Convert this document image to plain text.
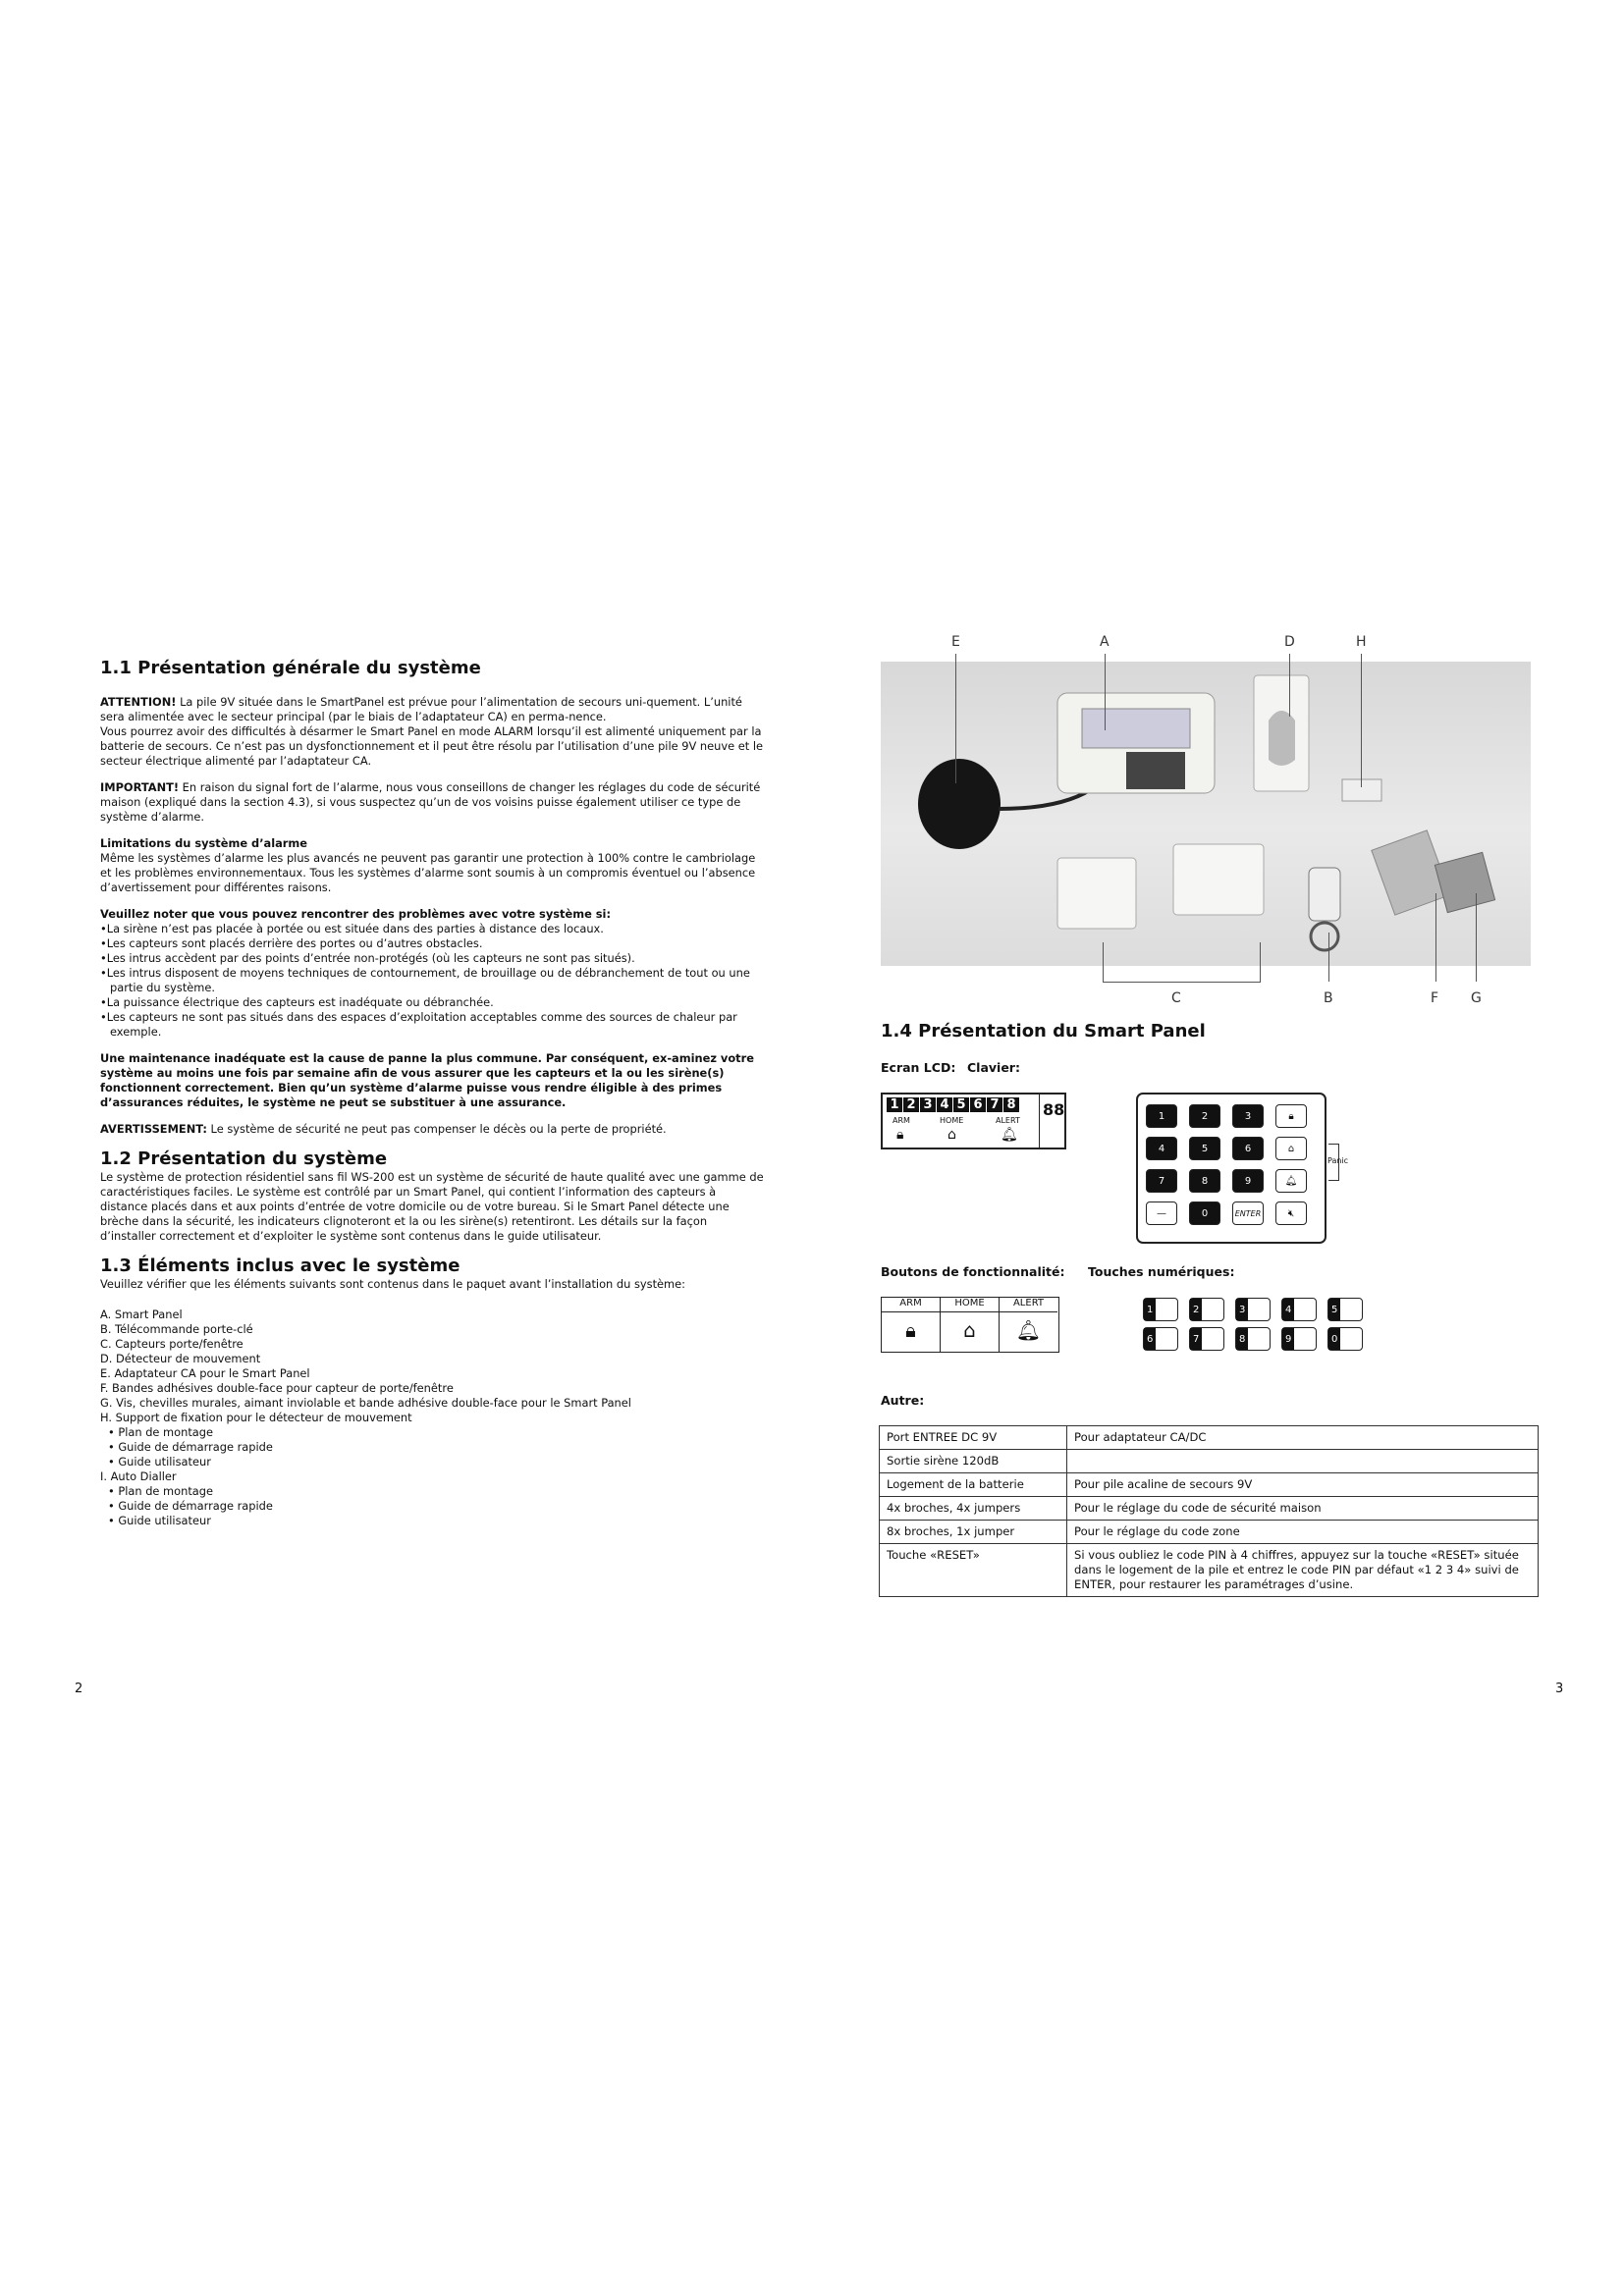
1.1 Présentation générale du système

ATTENTION! La pile 9V située dans le SmartPanel est prévue pour l’alimentation de secours uni-quement. L’unité sera alimentée avec le secteur principal (par le biais de l’adaptateur CA) en perma-nence.

Vous pourrez avoir des difficultés à désarmer le Smart Panel en mode ALARM lorsqu’il est alimenté uniquement par la batterie de secours. Ce n’est pas un dysfonctionnement et il peut être résolu par l’utilisation d’une pile 9V neuve et le secteur électrique alimenté par l’adaptateur CA.

IMPORTANT! En raison du signal fort de l’alarme, nous vous conseillons de changer les réglages du code de sécurité maison (expliqué dans la section 4.3), si vous suspectez qu’un de vos voisins puisse également utiliser ce type de système d’alarme.

Limitations du système d’alarme

Même les systèmes d’alarme les plus avancés ne peuvent pas garantir une protection à 100% contre le cambriolage et les problèmes environnementaux. Tous les systèmes d’alarme sont soumis à un compromis éventuel ou l’absence d’avertissement pour différentes raisons.

Veuillez noter que vous pouvez rencontrer des problèmes avec votre système si:

• La sirène n’est pas placée à portée ou est située dans des parties à distance des locaux.
• Les capteurs sont placés derrière des portes ou d’autres obstacles.
• Les intrus accèdent par des points d’entrée non-protégés (où les capteurs ne sont pas situés).
• Les intrus disposent de moyens techniques de contournement, de brouillage ou de débranchement de tout ou une partie du système.
• La puissance électrique des capteurs est inadéquate ou débranchée.
• Les capteurs ne sont pas situés dans des espaces d’exploitation acceptables comme des sources de chaleur par exemple.

Une maintenance inadéquate est la cause de panne la plus commune. Par conséquent, ex-aminez votre système au moins une fois par semaine afin de vous assurer que les capteurs et la ou les sirène(s) fonctionnent correctement. Bien qu’un système d’alarme puisse vous rendre éligible à des primes d’assurances réduites, le système ne peut se substituer à une assurance.

AVERTISSEMENT: Le système de sécurité ne peut pas compenser le décès ou la perte de propriété.

1.2 Présentation du système

Le système de protection résidentiel sans fil WS-200 est un système de sécurité de haute qualité avec une gamme de caractéristiques faciles. Le système est contrôlé par un Smart Panel, qui contient l’information des capteurs à distance placés dans et aux points d’entrée de votre domicile ou de votre bureau. Si le Smart Panel détecte une brèche dans la sécurité, les indicateurs clignoteront et la ou les sirène(s) retentiront. Les détails sur la façon d’installer correctement et d’exploiter le système sont contenus dans le guide utilisateur.

1.3 Éléments inclus avec le système

Veuillez vérifier que les éléments suivants sont contenus dans le paquet avant l’installation du système:

A. Smart Panel
B. Télécommande porte-clé
C. Capteurs porte/fenêtre
D. Détecteur de mouvement
E. Adaptateur CA pour le Smart Panel
F. Bandes adhésives double-face pour capteur de porte/fenêtre
G. Vis, chevilles murales, aimant inviolable et bande adhésive double-face pour le Smart Panel
H. Support de fixation pour le détecteur de mouvement
• Plan de montage
• Guide de démarrage rapide
• Guide utilisateur
I. Auto Dialler
• Plan de montage
• Guide de démarrage rapide
• Guide utilisateur
2
E	A	D	H
C	B	F G
1.4 Présentation du Smart Panel
Ecran LCD: Clavier:
1 2 3 4 5 6 7 8 88
ARM	HOME	ALERT
🔒︎	⌂	🔔︎
1	2	3	🔒︎
4	5	6	⌂
7	8	9	🔔︎
—	0	ENTER	🔇︎
Panic
Boutons de fonctionnalité: Touches numériques:
ARM
🔒︎
HOME
⌂
ALERT
🔔︎
1	2	3	4	5
6	7	8	9	0
Autre:
Port ENTREE DC 9V	Pour adaptateur CA/DC
Sortie sirène 120dB	
Logement de la batterie	Pour pile acaline de secours 9V
4x broches, 4x jumpers	Pour le réglage du code de sécurité maison
8x broches, 1x jumper	Pour le réglage du code zone
Touche «RESET»	Si vous oubliez le code PIN à 4 chiffres, appuyez sur la touche «RESET» située dans le logement de la pile et entrez le code PIN par défaut «1 2 3 4» suivi de ENTER, pour restaurer les paramétrages d’usine.
3
